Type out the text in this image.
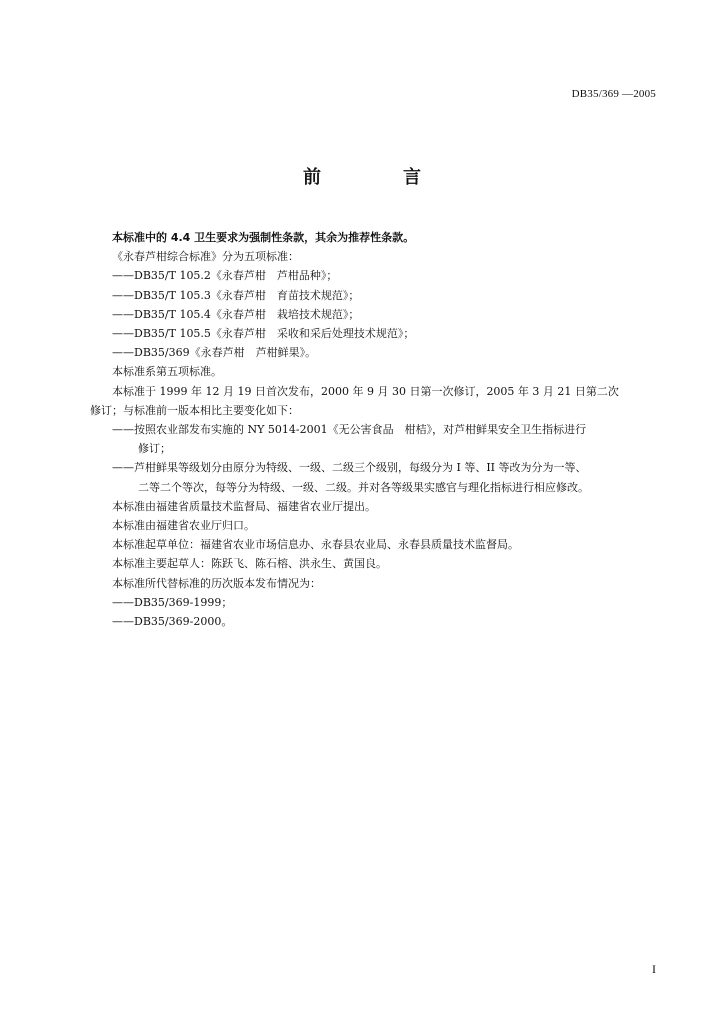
DB35/369 —2005
前　言

本标准中的 4.4 卫生要求为强制性条款，其余为推荐性条款。

《永春芦柑综合标准》分为五项标准：

——DB35/T 105.2《永春芦柑　芦柑品种》；

——DB35/T 105.3《永春芦柑　育苗技术规范》；

——DB35/T 105.4《永春芦柑　栽培技术规范》；

——DB35/T 105.5《永春芦柑　采收和采后处理技术规范》；

——DB35/369《永春芦柑　芦柑鲜果》。

本标准系第五项标准。

本标准于 1999 年 12 月 19 日首次发布，2000 年 9 月 30 日第一次修订，2005 年 3 月 21 日第二次

修订；与标准前一版本相比主要变化如下：

——按照农业部发布实施的 NY 5014-2001《无公害食品　柑桔》，对芦柑鲜果安全卫生指标进行

修订；

——芦柑鲜果等级划分由原分为特级、一级、二级三个级别，每级分为 I 等、II 等改为分为一等、

二等二个等次，每等分为特级、一级、二级。并对各等级果实感官与理化指标进行相应修改。

本标准由福建省质量技术监督局、福建省农业厅提出。

本标准由福建省农业厅归口。

本标准起草单位：福建省农业市场信息办、永春县农业局、永春县质量技术监督局。

本标准主要起草人：陈跃飞、陈石榕、洪永生、黄国良。

本标准所代替标准的历次版本发布情况为：

——DB35/369-1999；

——DB35/369-2000。

I
